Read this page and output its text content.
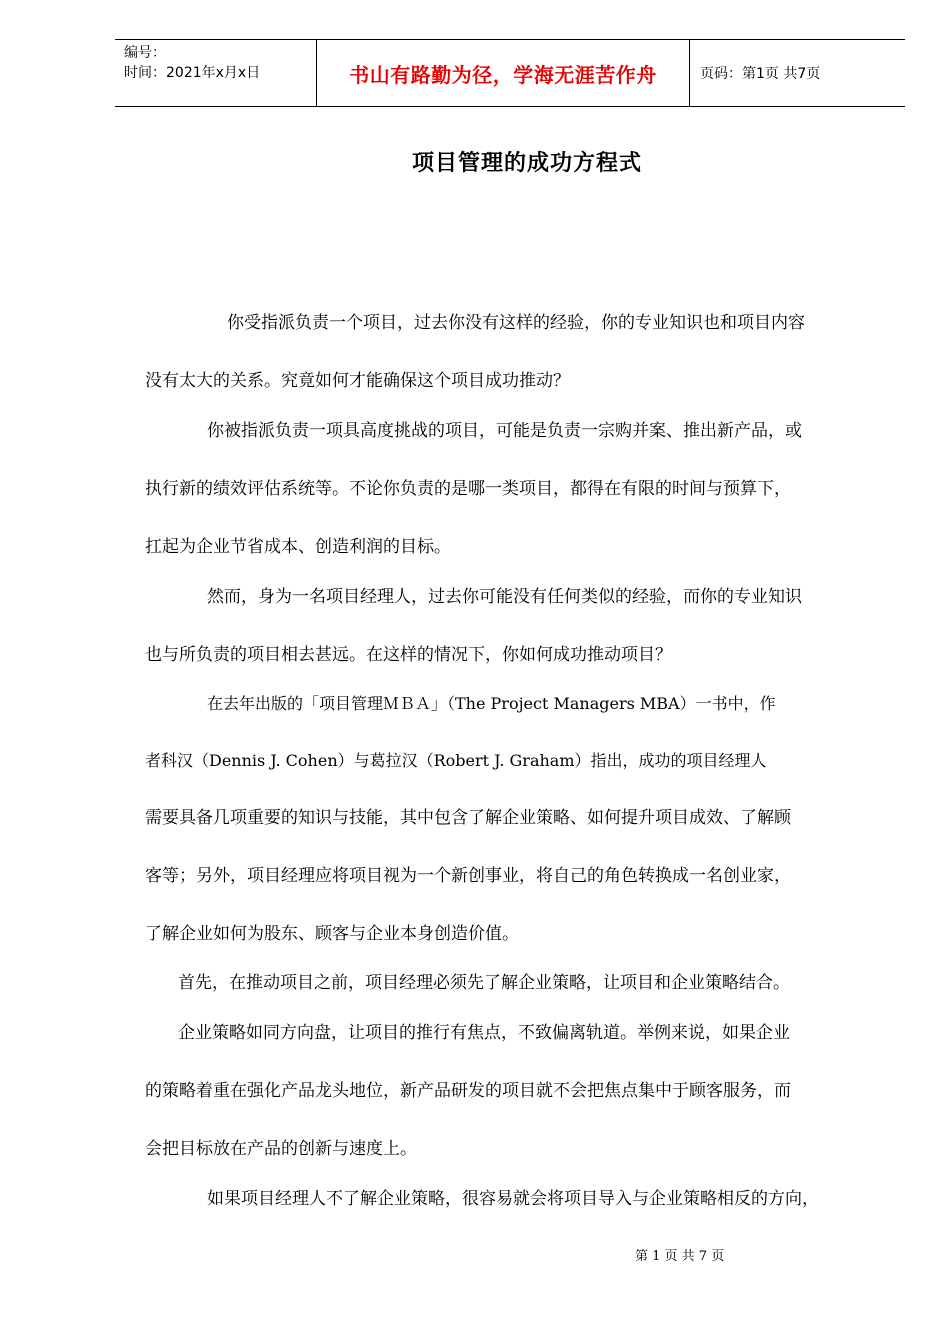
编号：
时间：2021年x月x日	书山有路勤为径，学海无涯苦作舟	页码：第1页 共7页
项目管理的成功方程式
你受指派负责一个项目，过去你没有这样的经验，你的专业知识也和项目内容
没有太大的关系。究竟如何才能确保这个项目成功推动？
你被指派负责一项具高度挑战的项目，可能是负责一宗购并案、推出新产品，或
执行新的绩效评估系统等。不论你负责的是哪一类项目，都得在有限的时间与预算下，
扛起为企业节省成本、创造利润的目标。
然而，身为一名项目经理人，过去你可能没有任何类似的经验，而你的专业知识
也与所负责的项目相去甚远。在这样的情况下，你如何成功推动项目？
在去年出版的「项目管理ＭＢＡ」（The Project Managers MBA）一书中，作
者科汉（Dennis J. Cohen）与葛拉汉（Robert J. Graham）指出，成功的项目经理人
需要具备几项重要的知识与技能，其中包含了解企业策略、如何提升项目成效、了解顾
客等；另外，项目经理应将项目视为一个新创事业，将自己的角色转换成一名创业家，
了解企业如何为股东、顾客与企业本身创造价值。
首先，在推动项目之前，项目经理必须先了解企业策略，让项目和企业策略结合。
企业策略如同方向盘，让项目的推行有焦点，不致偏离轨道。举例来说，如果企业
的策略着重在强化产品龙头地位，新产品研发的项目就不会把焦点集中于顾客服务，而
会把目标放在产品的创新与速度上。
如果项目经理人不了解企业策略，很容易就会将项目导入与企业策略相反的方向，
第 1 页 共 7 页
